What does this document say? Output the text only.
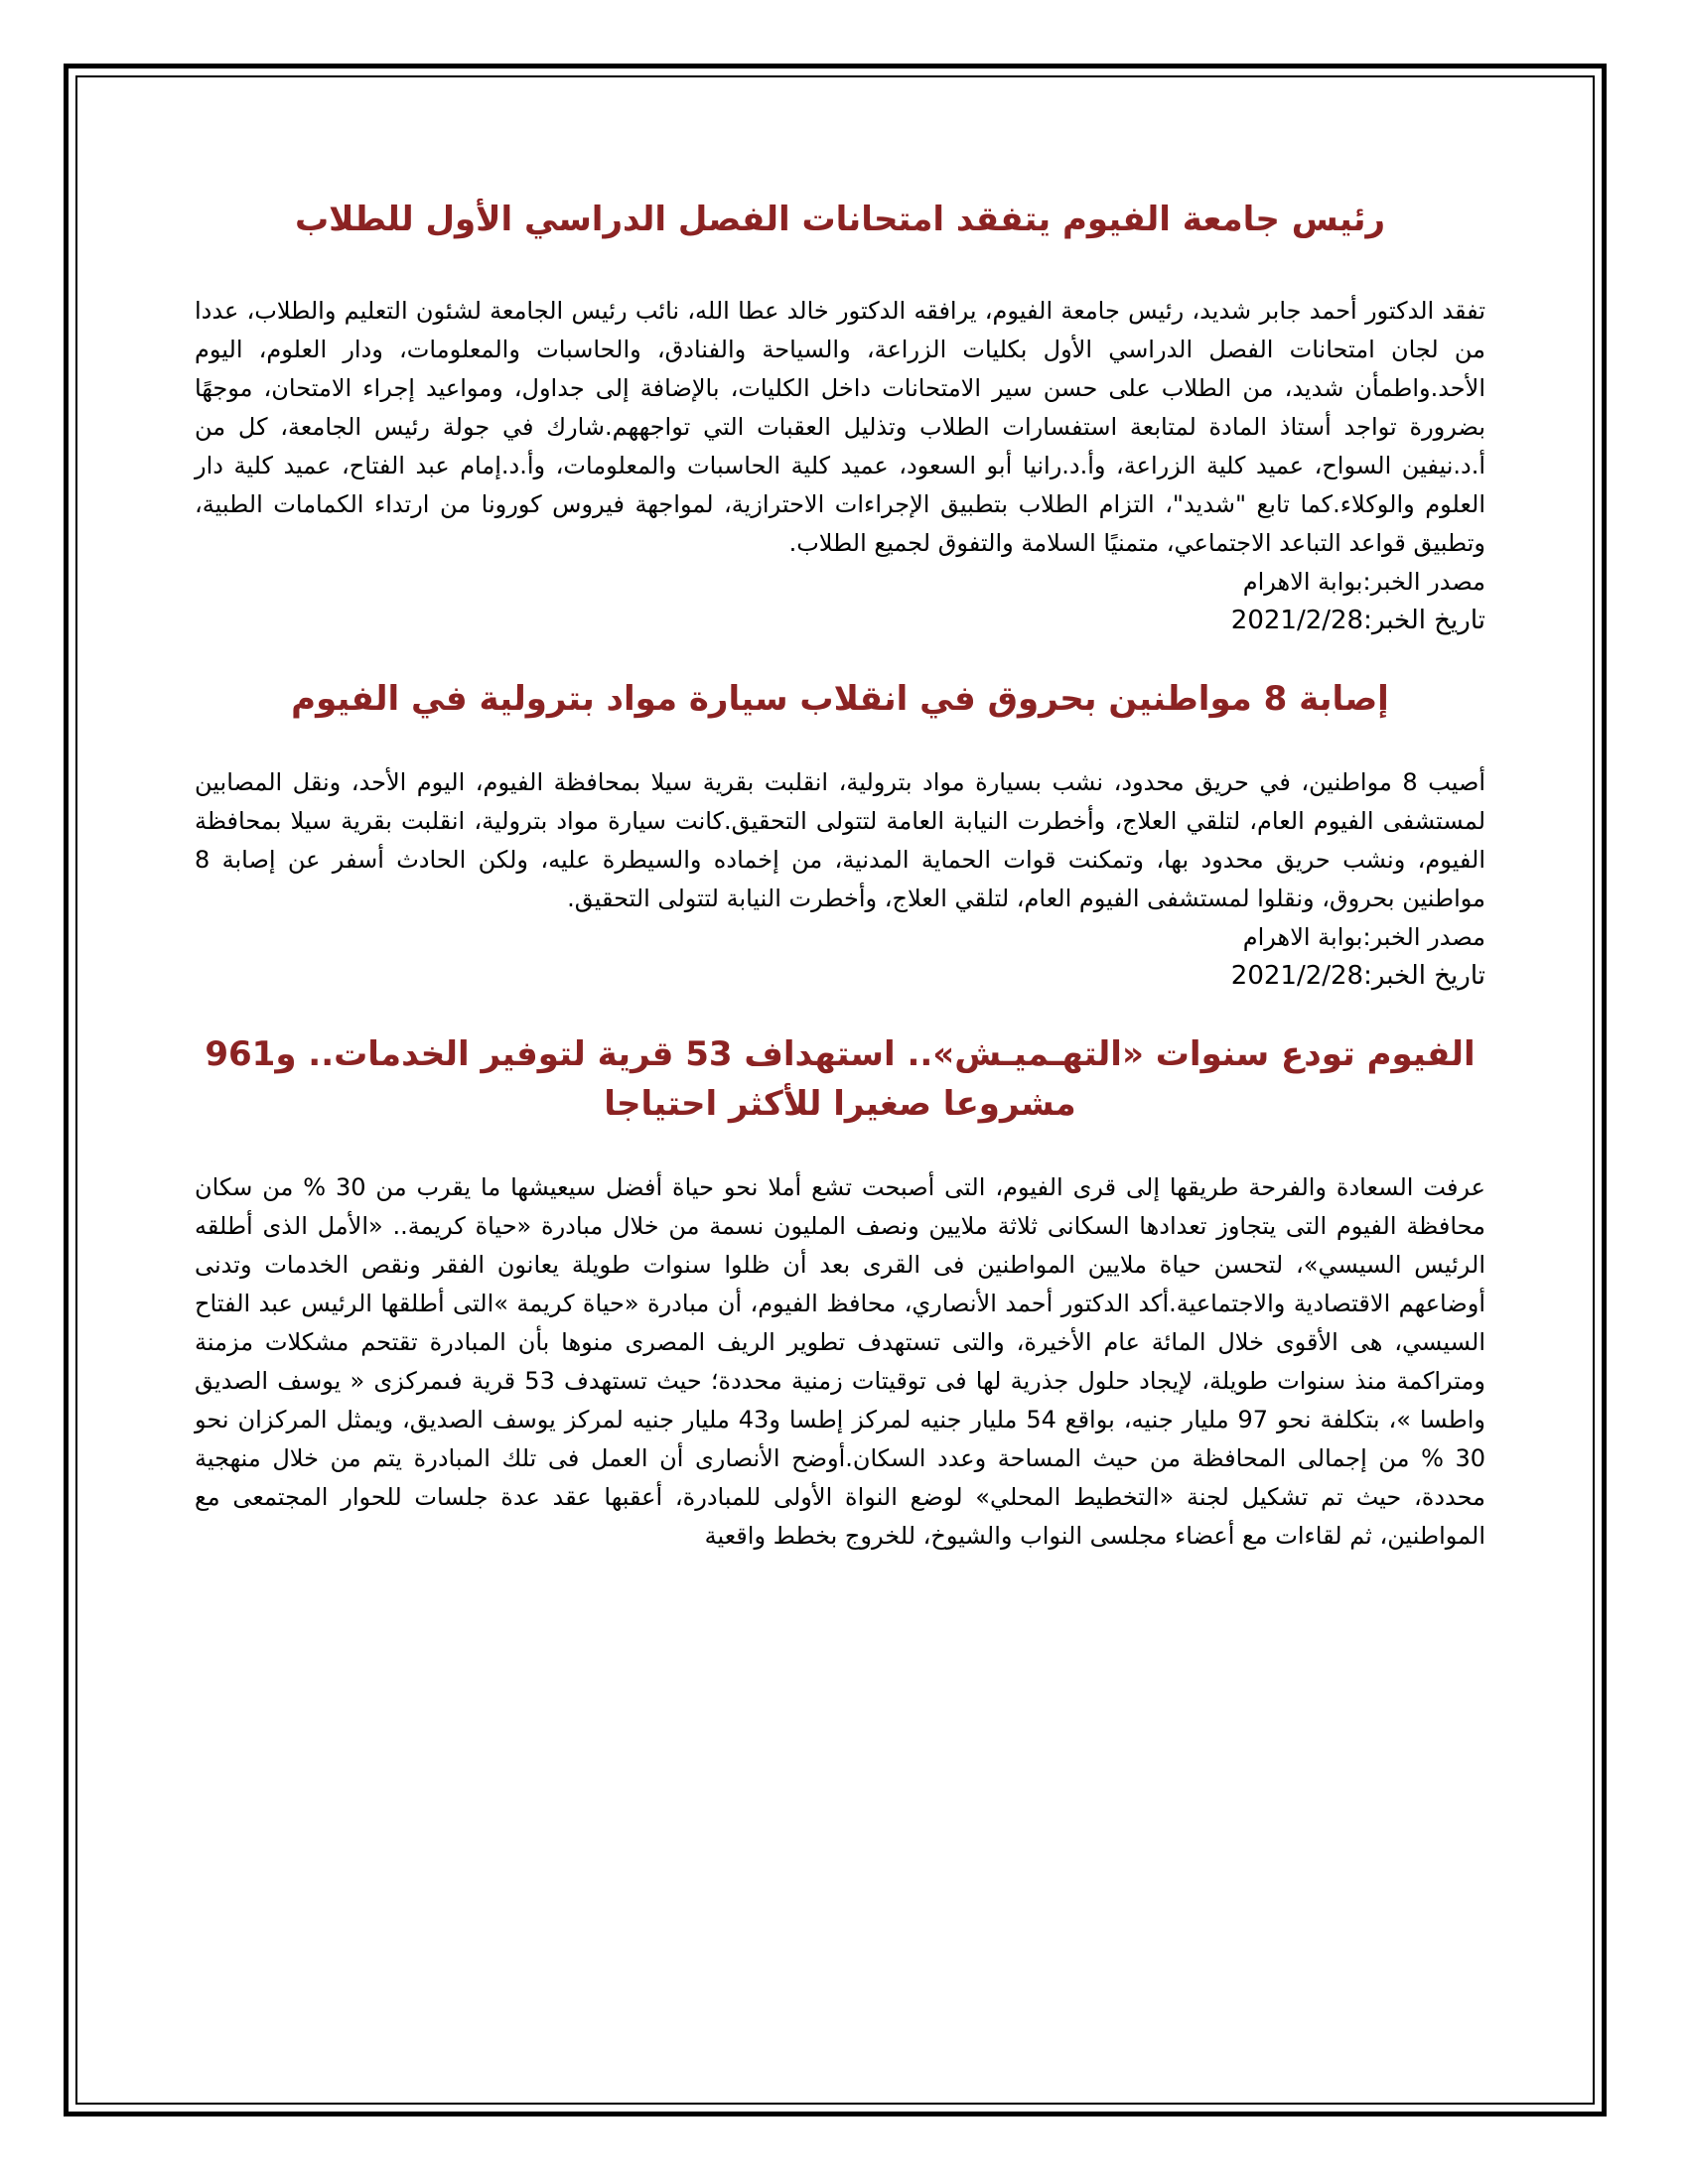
رئيس جامعة الفيوم يتفقد امتحانات الفصل الدراسي الأول للطلاب

تفقد الدكتور أحمد جابر شديد، رئيس جامعة الفيوم، يرافقه الدكتور خالد عطا الله، نائب رئيس الجامعة لشئون التعليم والطلاب، عددا من لجان امتحانات الفصل الدراسي الأول بكليات الزراعة، والسياحة والفنادق، والحاسبات والمعلومات، ودار العلوم، اليوم الأحد.واطمأن شديد، من الطلاب على حسن سير الامتحانات داخل الكليات، بالإضافة إلى جداول، ومواعيد إجراء الامتحان، موجهًا بضرورة تواجد أستاذ المادة لمتابعة استفسارات الطلاب وتذليل العقبات التي تواجههم.شارك في جولة رئيس الجامعة، كل من أ.د.نيفين السواح، عميد كلية الزراعة، وأ.د.رانيا أبو السعود، عميد كلية الحاسبات والمعلومات، وأ.د.إمام عبد الفتاح، عميد كلية دار العلوم والوكلاء.كما تابع "شديد"، التزام الطلاب بتطبيق الإجراءات الاحترازية، لمواجهة فيروس كورونا من ارتداء الكمامات الطبية، وتطبيق قواعد التباعد الاجتماعي، متمنيًا السلامة والتفوق لجميع الطلاب.

مصدر الخبر:بوابة الاهرام

تاريخ الخبر:2021/2/28

إصابة 8 مواطنين بحروق في انقلاب سيارة مواد بترولية في الفيوم

أصيب 8 مواطنين، في حريق محدود، نشب بسيارة مواد بترولية، انقلبت بقرية سيلا بمحافظة الفيوم، اليوم الأحد، ونقل المصابين لمستشفى الفيوم العام، لتلقي العلاج، وأخطرت النيابة العامة لتتولى التحقيق.كانت سيارة مواد بترولية، انقلبت بقرية سيلا بمحافظة الفيوم، ونشب حريق محدود بها، وتمكنت قوات الحماية المدنية، من إخماده والسيطرة عليه، ولكن الحادث أسفر عن إصابة 8 مواطنين بحروق، ونقلوا لمستشفى الفيوم العام، لتلقي العلاج، وأخطرت النيابة لتتولى التحقيق.

مصدر الخبر:بوابة الاهرام

تاريخ الخبر:2021/2/28

الفيوم تودع سنوات «التهـميـش».. استهداف 53 قرية لتوفير الخدمات.. و961 مشروعا صغيرا للأكثر احتياجا

عرفت السعادة والفرحة طريقها إلى قرى الفيوم، التى أصبحت تشع أملا نحو حياة أفضل سيعيشها ما يقرب من 30 % من سكان محافظة الفيوم التى يتجاوز تعدادها السكانى ثلاثة ملايين ونصف المليون نسمة من خلال مبادرة «حياة كريمة.. «الأمل الذى أطلقه الرئيس السيسي»، لتحسن حياة ملايين المواطنين فى القرى بعد أن ظلوا سنوات طويلة يعانون الفقر ونقص الخدمات وتدنى أوضاعهم الاقتصادية والاجتماعية.أكد الدكتور أحمد الأنصاري، محافظ الفيوم، أن مبادرة «حياة كريمة »التى أطلقها الرئيس عبد الفتاح السيسي، هى الأقوى خلال المائة عام الأخيرة، والتى تستهدف تطوير الريف المصرى منوها بأن المبادرة تقتحم مشكلات مزمنة ومتراكمة منذ سنوات طويلة، لإيجاد حلول جذرية لها فى توقيتات زمنية محددة؛ حيث تستهدف 53 قرية فىمركزى « يوسف الصديق واطسا »، بتكلفة نحو 97 مليار جنيه، بواقع 54 مليار جنيه لمركز إطسا و43 مليار جنيه لمركز يوسف الصديق، ويمثل المركزان نحو 30 % من إجمالى المحافظة من حيث المساحة وعدد السكان.أوضح الأنصارى أن العمل فى تلك المبادرة يتم من خلال منهجية محددة، حيث تم تشكيل لجنة «التخطيط المحلي» لوضع النواة الأولى للمبادرة، أعقبها عقد عدة جلسات للحوار المجتمعى مع المواطنين، ثم لقاءات مع أعضاء مجلسى النواب والشيوخ، للخروج بخطط واقعية
